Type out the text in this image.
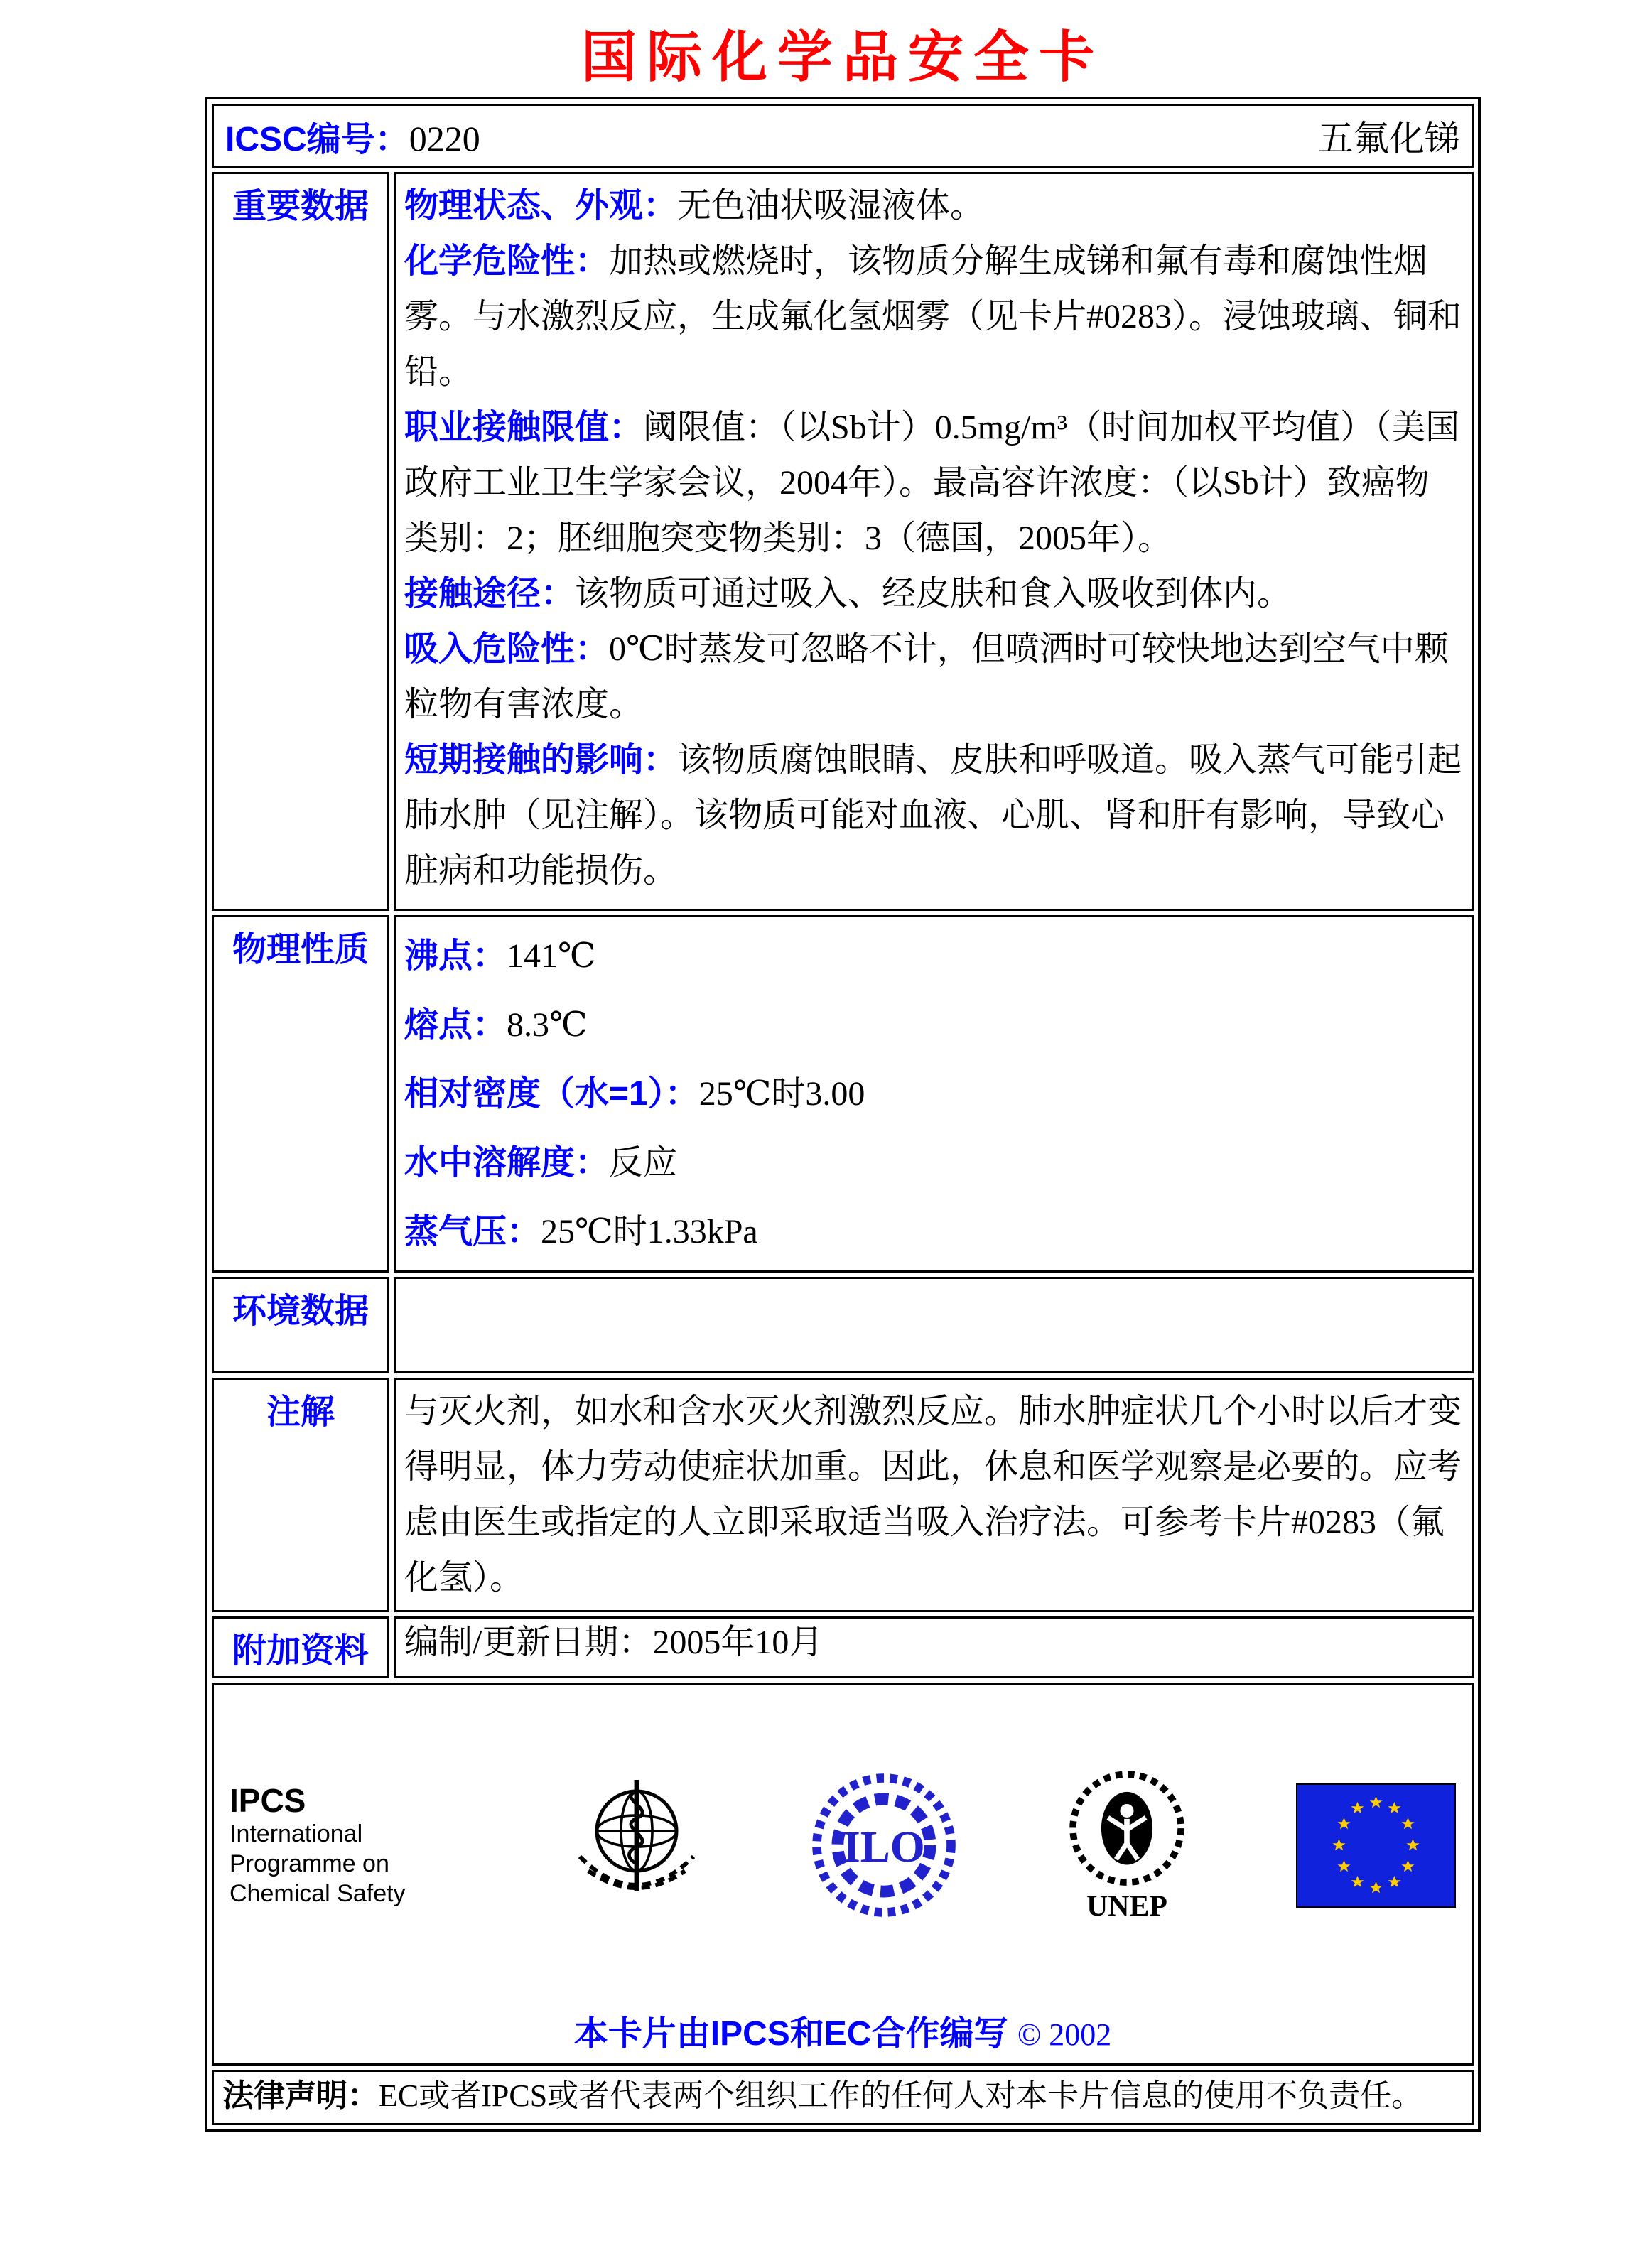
国际化学品安全卡
ICSC编号：0220 五氟化锑	

重要数据	物理状态、外观：无色油状吸湿液体。

化学危险性：加热或燃烧时，该物质分解生成锑和氟有毒和腐蚀性烟雾。与水激烈反应，生成氟化氢烟雾（见卡片#0283）。浸蚀玻璃、铜和铅。

职业接触限值：阈限值：（以Sb计）0.5mg/m³（时间加权平均值）（美国政府工业卫生学家会议，2004年）。最高容许浓度：（以Sb计）致癌物类别：2；胚细胞突变物类别：3（德国，2005年）。

接触途径：该物质可通过吸入、经皮肤和食入吸收到体内。

吸入危险性：0℃时蒸发可忽略不计，但喷洒时可较快地达到空气中颗粒物有害浓度。

短期接触的影响：该物质腐蚀眼睛、皮肤和呼吸道。吸入蒸气可能引起肺水肿（见注解）。该物质可能对血液、心肌、肾和肝有影响，导致心脏病和功能损伤。

物理性质	沸点：141℃

熔点：8.3℃

相对密度（水=1）：25℃时3.00

水中溶解度：反应

蒸气压：25℃时1.33kPa

环境数据	
注解	与灭火剂，如水和含水灭火剂激烈反应。肺水肿症状几个小时以后才变得明显，体力劳动使症状加重。因此，休息和医学观察是必要的。应考虑由医生或指定的人立即采取适当吸入治疗法。可参考卡片#0283（氟化氢）。

附加资料	编制/更新日期：2005年10月

IPCS
International
Programme on
Chemical Safety
ILO
UNEP
本卡片由IPCS和EC合作编写 © 2002

法律声明：EC或者IPCS或者代表两个组织工作的任何人对本卡片信息的使用不负责任。	
